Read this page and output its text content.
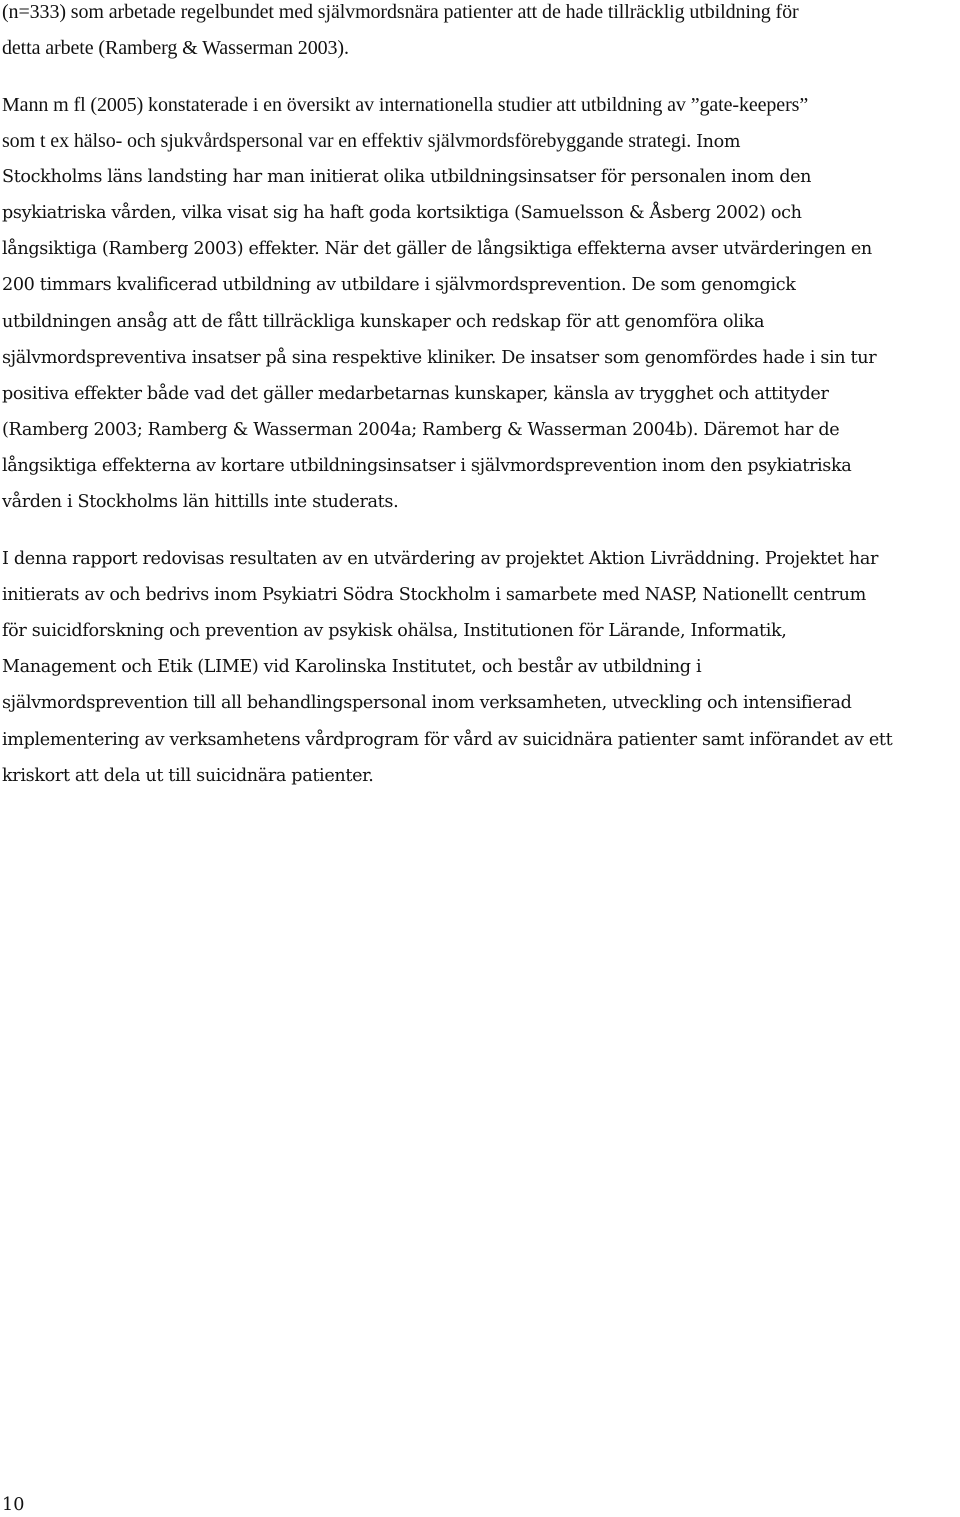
(n=333) som arbetade regelbundet med självmordsnära patienter att de hade tillräcklig utbildning för
detta arbete (Ramberg & Wasserman 2003).
Mann m fl (2005) konstaterade i en översikt av internationella studier att utbildning av ”gate-keepers”
som t ex hälso- och sjukvårdspersonal var en effektiv självmordsförebyggande strategi. Inom
Stockholms läns landsting har man initierat olika utbildningsinsatser för personalen inom den
psykiatriska vården, vilka visat sig ha haft goda kortsiktiga (Samuelsson & Åsberg 2002) och
långsiktiga (Ramberg 2003) effekter. När det gäller de långsiktiga effekterna avser utvärderingen en
200 timmars kvalificerad utbildning av utbildare i självmordsprevention. De som genomgick
utbildningen ansåg att de fått tillräckliga kunskaper och redskap för att genomföra olika
självmordspreventiva insatser på sina respektive kliniker. De insatser som genomfördes hade i sin tur
positiva effekter både vad det gäller medarbetarnas kunskaper, känsla av trygghet och attityder
(Ramberg 2003; Ramberg & Wasserman 2004a; Ramberg & Wasserman 2004b). Däremot har de
långsiktiga effekterna av kortare utbildningsinsatser i självmordsprevention inom den psykiatriska
vården i Stockholms län hittills inte studerats.
I denna rapport redovisas resultaten av en utvärdering av projektet Aktion Livräddning. Projektet har
initierats av och bedrivs inom Psykiatri Södra Stockholm i samarbete med NASP, Nationellt centrum
för suicidforskning och prevention av psykisk ohälsa, Institutionen för Lärande, Informatik,
Management och Etik (LIME) vid Karolinska Institutet, och består av utbildning i
självmordsprevention till all behandlingspersonal inom verksamheten, utveckling och intensifierad
implementering av verksamhetens vårdprogram för vård av suicidnära patienter samt införandet av ett
kriskort att dela ut till suicidnära patienter.
10
